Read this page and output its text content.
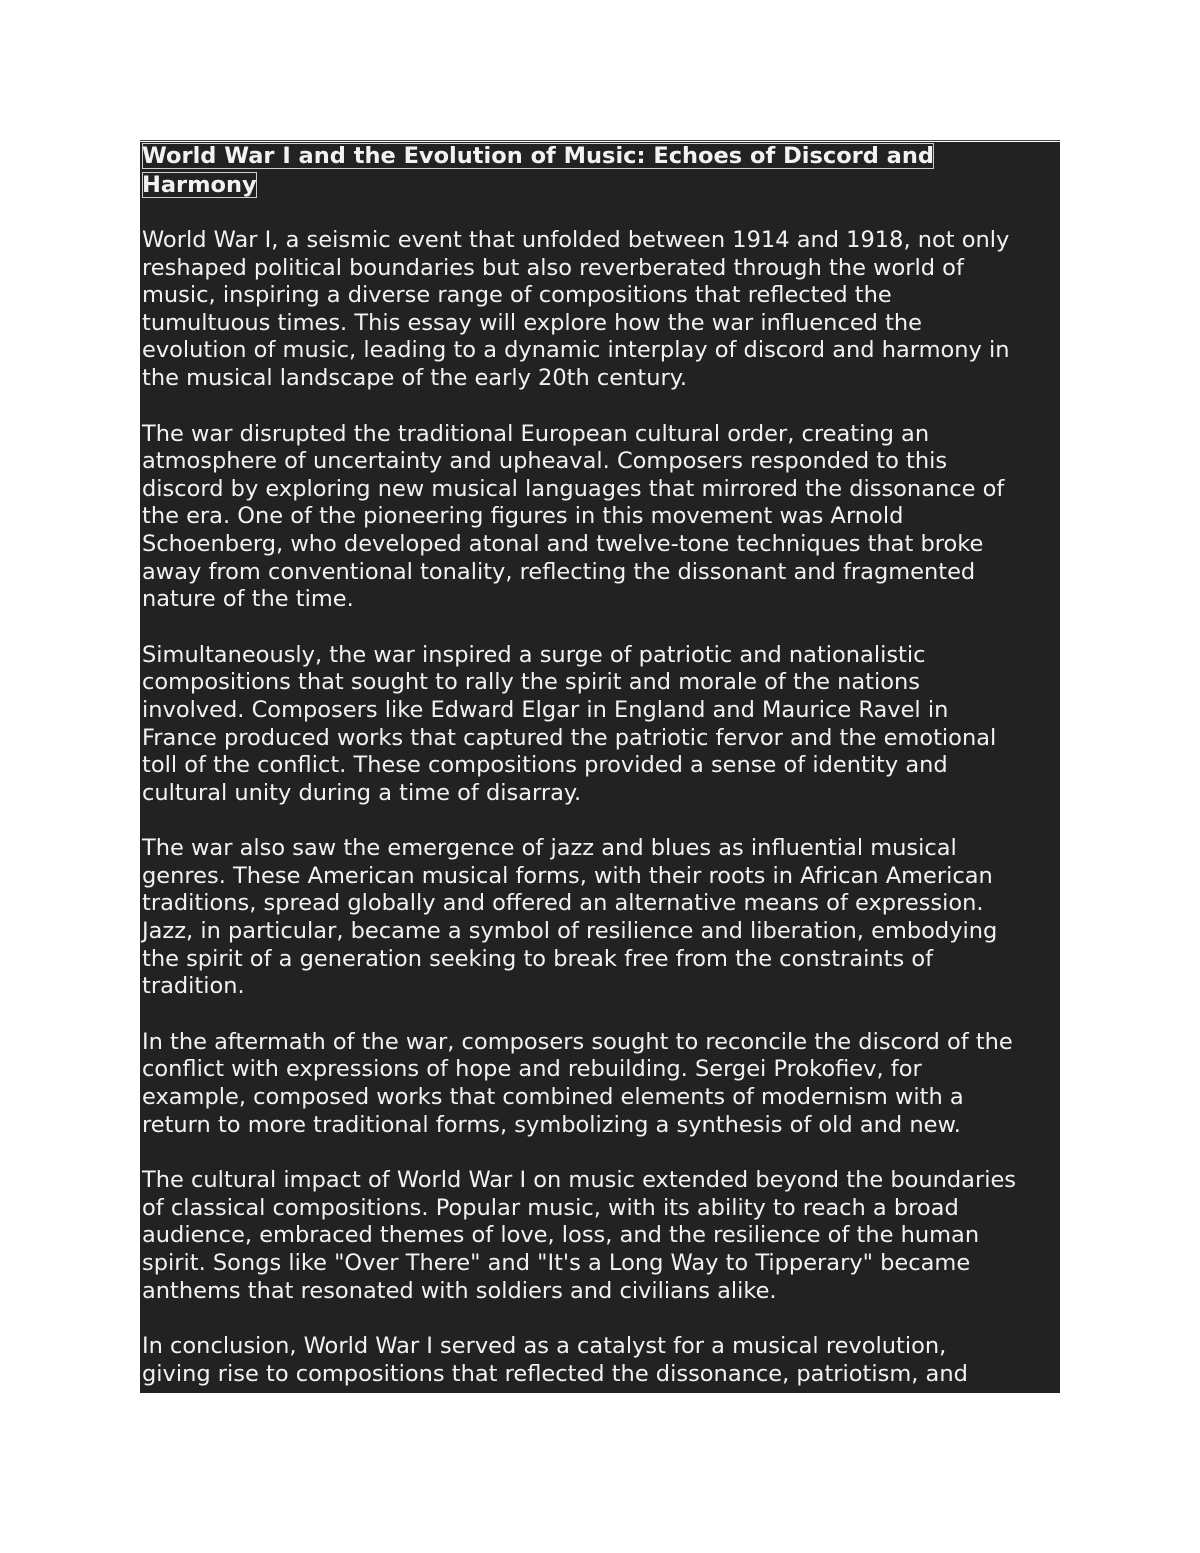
World War I and the Evolution of Music: Echoes of Discord and
Harmony

World War I, a seismic event that unfolded between 1914 and 1918, not only
reshaped political boundaries but also reverberated through the world of
music, inspiring a diverse range of compositions that reflected the
tumultuous times. This essay will explore how the war influenced the
evolution of music, leading to a dynamic interplay of discord and harmony in
the musical landscape of the early 20th century.

The war disrupted the traditional European cultural order, creating an
atmosphere of uncertainty and upheaval. Composers responded to this
discord by exploring new musical languages that mirrored the dissonance of
the era. One of the pioneering figures in this movement was Arnold
Schoenberg, who developed atonal and twelve-tone techniques that broke
away from conventional tonality, reflecting the dissonant and fragmented
nature of the time.

Simultaneously, the war inspired a surge of patriotic and nationalistic
compositions that sought to rally the spirit and morale of the nations
involved. Composers like Edward Elgar in England and Maurice Ravel in
France produced works that captured the patriotic fervor and the emotional
toll of the conflict. These compositions provided a sense of identity and
cultural unity during a time of disarray.

The war also saw the emergence of jazz and blues as influential musical
genres. These American musical forms, with their roots in African American
traditions, spread globally and offered an alternative means of expression.
Jazz, in particular, became a symbol of resilience and liberation, embodying
the spirit of a generation seeking to break free from the constraints of
tradition.

In the aftermath of the war, composers sought to reconcile the discord of the
conflict with expressions of hope and rebuilding. Sergei Prokofiev, for
example, composed works that combined elements of modernism with a
return to more traditional forms, symbolizing a synthesis of old and new.

The cultural impact of World War I on music extended beyond the boundaries
of classical compositions. Popular music, with its ability to reach a broad
audience, embraced themes of love, loss, and the resilience of the human
spirit. Songs like "Over There" and "It's a Long Way to Tipperary" became
anthems that resonated with soldiers and civilians alike.

In conclusion, World War I served as a catalyst for a musical revolution,
giving rise to compositions that reflected the dissonance, patriotism, and
